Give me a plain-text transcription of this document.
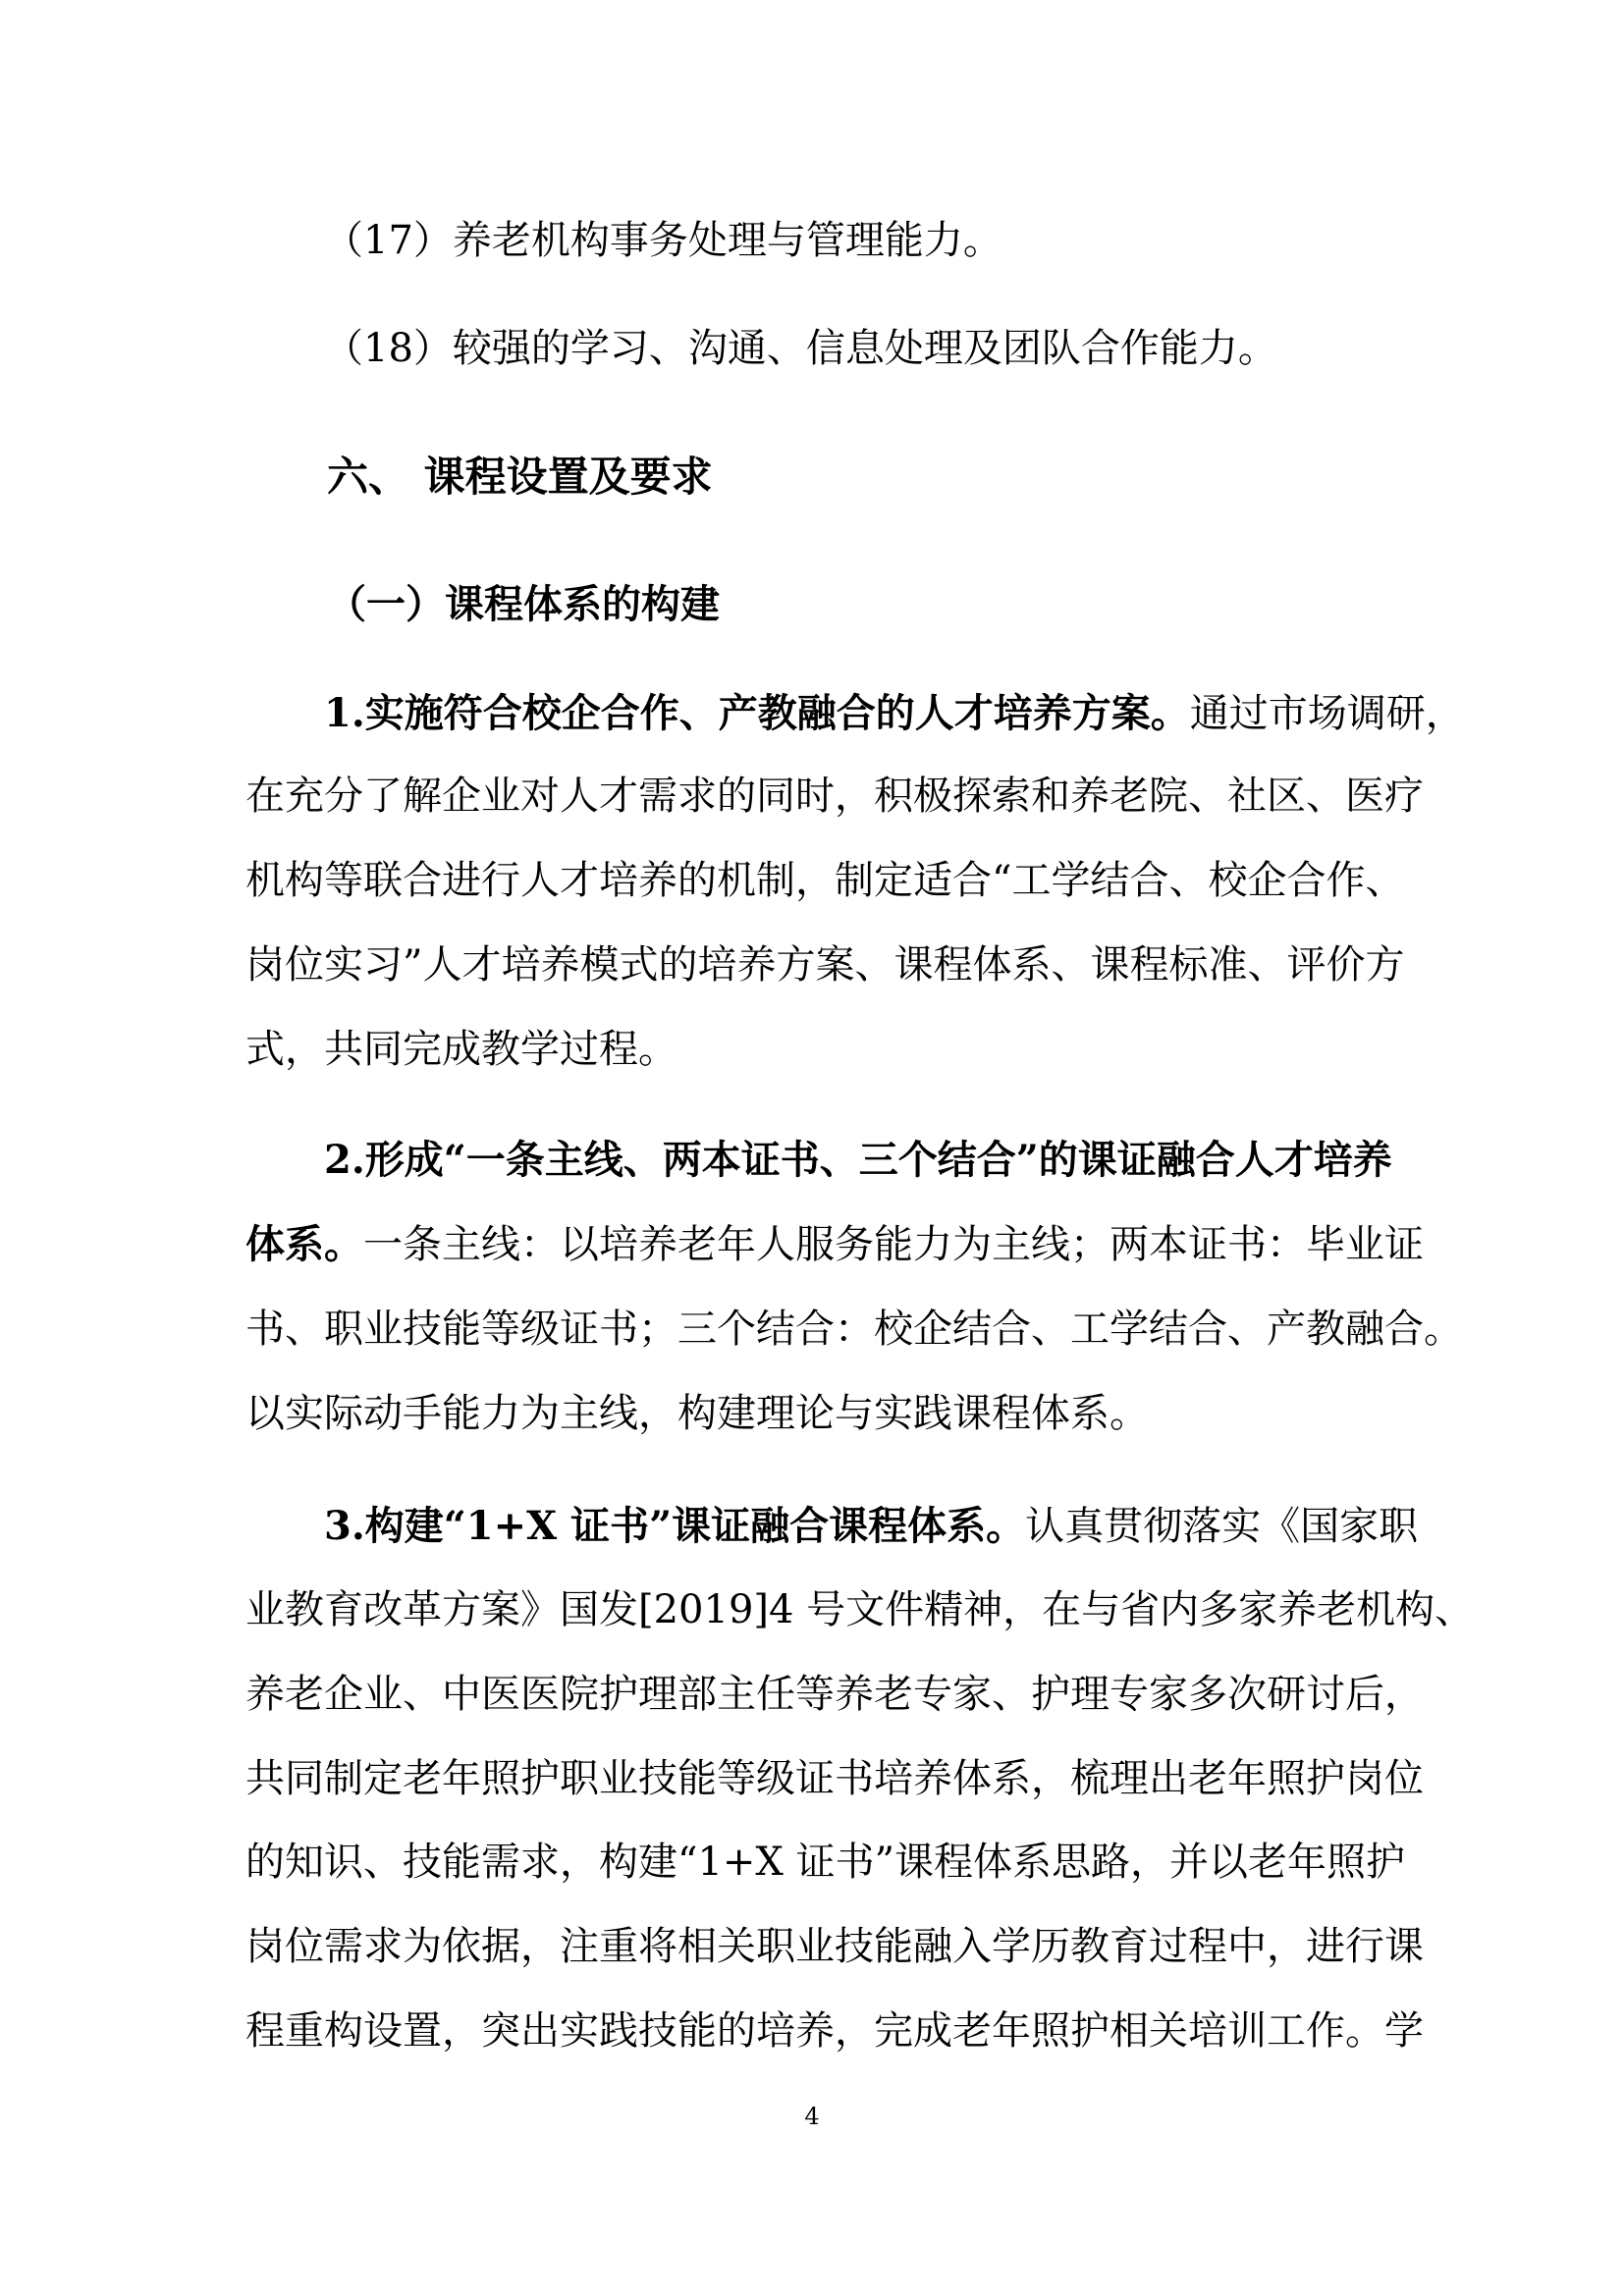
（17）养老机构事务处理与管理能力。
（18）较强的学习、沟通、信息处理及团队合作能力。
六、 课程设置及要求
（一）课程体系的构建
1.实施符合校企合作、产教融合的人才培养方案。通过市场调研，
在充分了解企业对人才需求的同时，积极探索和养老院、社区、医疗
机构等联合进行人才培养的机制，制定适合“工学结合、校企合作、
岗位实习”人才培养模式的培养方案、课程体系、课程标准、评价方
式，共同完成教学过程。
2.形成“一条主线、两本证书、三个结合”的课证融合人才培养
体系。一条主线：以培养老年人服务能力为主线；两本证书：毕业证
书、职业技能等级证书；三个结合：校企结合、工学结合、产教融合。
以实际动手能力为主线，构建理论与实践课程体系。
3.构建“1+X 证书”课证融合课程体系。认真贯彻落实《国家职
业教育改革方案》国发[2019]4 号文件精神，在与省内多家养老机构、
养老企业、中医医院护理部主任等养老专家、护理专家多次研讨后，
共同制定老年照护职业技能等级证书培养体系，梳理出老年照护岗位
的知识、技能需求，构建“1+X 证书”课程体系思路，并以老年照护
岗位需求为依据，注重将相关职业技能融入学历教育过程中，进行课
程重构设置，突出实践技能的培养，完成老年照护相关培训工作。学
4
